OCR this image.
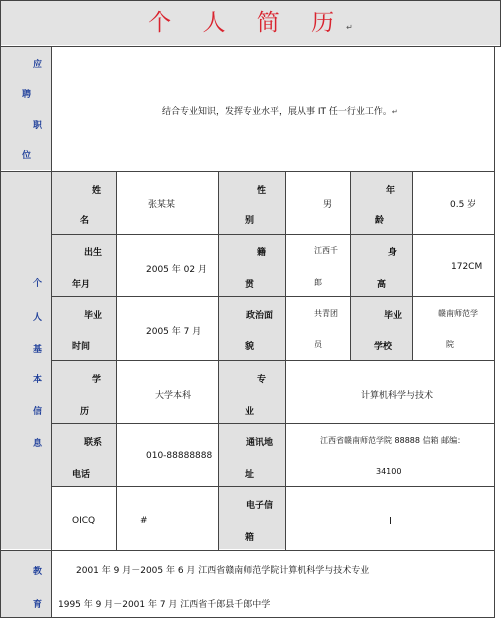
个 人 简 历↵
应
聘
职
位
结合专业知识，发挥专业水平，展从事 IT 任一行业工作。↵
个
人
基
本
信
息
姓
名
张某某
性
别
男
年
龄
0.5 岁
出生
年月
2005 年 02 月
籍
贯
江西千
郎
身
高
172CM
毕业
时间
2005 年 7 月
政治面
貌
共青团
员
毕业
学校
赣南师范学
院
学
历
大学本科
专
业
计算机科学与技术
联系
电话
010-88888888
通讯地
址
江西省赣南师范学院 88888 信箱 邮编：
34100
OICQ	#
电子信
箱
教
育
2001 年 9 月－2005 年 6 月 江西省赣南师范学院计算机科学与技术专业
1995 年 9 月－2001 年 7 月 江西省千郎县千郎中学
